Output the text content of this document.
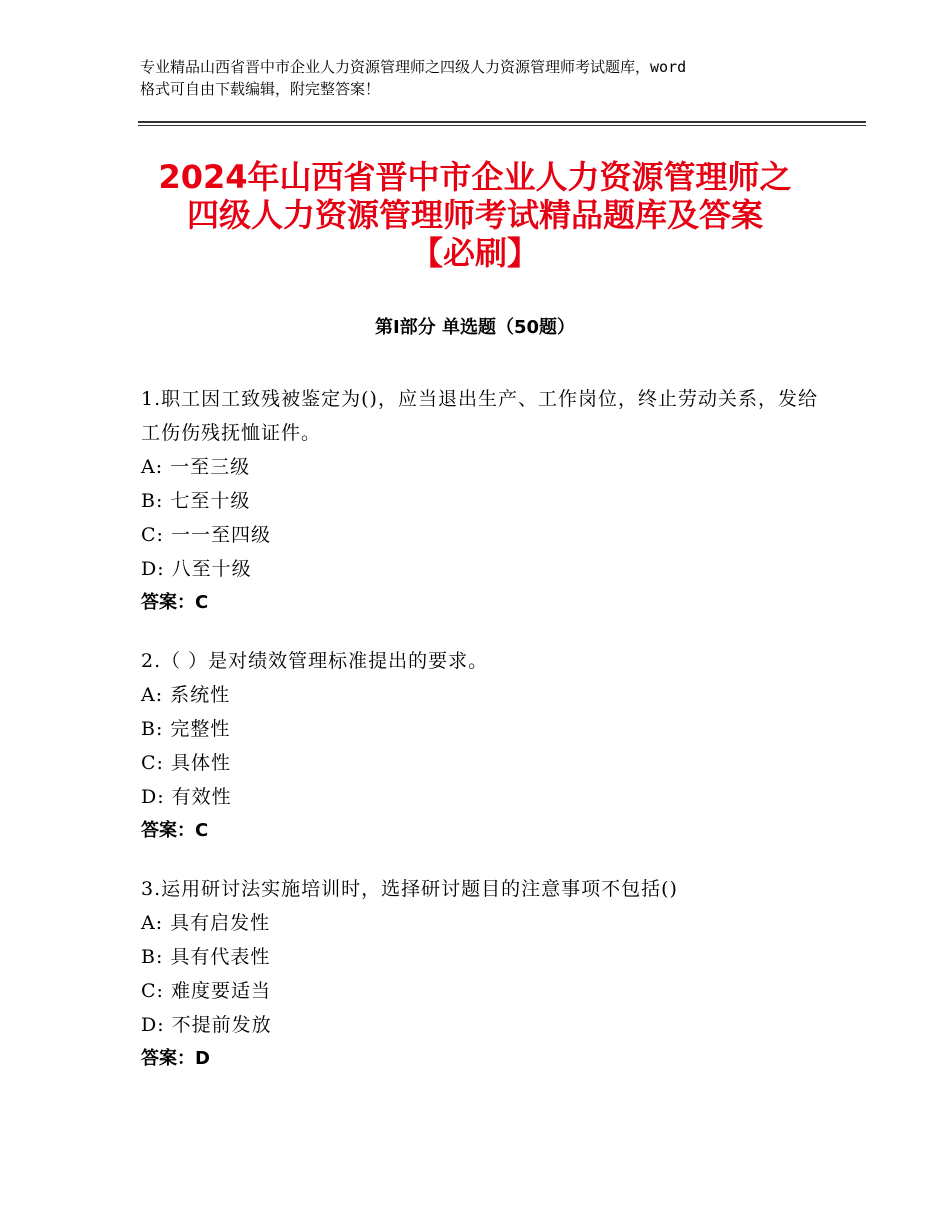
专业精品山西省晋中市企业人力资源管理师之四级人力资源管理师考试题库，word
格式可自由下载编辑，附完整答案！
2024年山西省晋中市企业人力资源管理师之
四级人力资源管理师考试精品题库及答案
【必刷】
第Ⅰ部分 单选题（50题）
1.职工因工致残被鉴定为()，应当退出生产、工作岗位，终止劳动关系，发给工伤伤残抚恤证件。
A: 一至三级
B: 七至十级
C: 一一至四级
D: 八至十级
答案：C
2.（ ）是对绩效管理标准提出的要求。
A: 系统性
B: 完整性
C: 具体性
D: 有效性
答案：C
3.运用研讨法实施培训时，选择研讨题目的注意事项不包括()
A: 具有启发性
B: 具有代表性
C: 难度要适当
D: 不提前发放
答案：D
